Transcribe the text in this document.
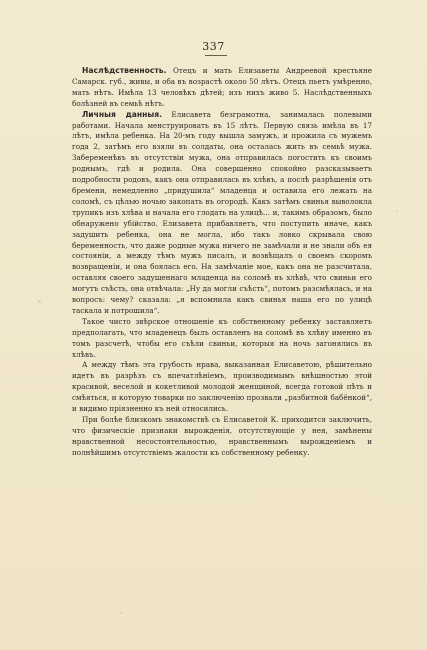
337

Наслѣдственность. Отецъ и мать Елизаветы Андреевой крестьяне Самарск. губ., живы, и оба въ возрастѣ около 50 лѣтъ. Отецъ пьетъ умѣренно, мать нѣтъ. Имѣла 13 человѣкъ дѣтей; изъ нихъ живо 5. Наслѣдственныхъ болѣзней въ семьѣ нѣтъ.

Личныя данныя. Елисавета безграмотна, занималась полевыми работами. Начала менструировать въ 15 лѣтъ. Первую связь имѣла въ 17 лѣтъ, имѣла ребенка. На 20-мъ году вышла замужъ, и прожила съ мужемъ года 2, затѣмъ его взяли въ солдаты, она осталась жить въ семьѣ мужа. Забеременѣвъ въ отсутствіи мужа, она отправилась погостить къ своимъ роднымъ, гдѣ и родила. Она совершенно спокойно разсказываетъ подробности родовъ, какъ она отправилась въ хлѣвъ, а послѣ разрѣшенія отъ бремени, немедленно „придушила“ младенца и оставила его лежать на соломѣ, съ цѣлью ночью закопать въ огородѣ. Какъ затѣмъ свинья выволокла трупикъ изъ хлѣва и начала его глодать на улицѣ… и, такимъ образомъ, было обнаружено убійство. Елизавета прибавляетъ, что поступить иначе, какъ задушить ребенка, она не могла, ибо такъ ловко скрывала свою беременность, что даже родные мужа ничего не замѣчали и не знали объ ея состояніи, а между тѣмъ мужъ писалъ, и возвѣщалъ о своемъ скоромъ возвращеніи, и она боялась его. На замѣчаніе мое, какъ она не разсчитала, оставляя своего задушеннаго младенца на соломѣ въ хлѣвѣ, что свиньи его могутъ съѣсть, она отвѣчала: „Ну да могли съѣсть“, потомъ разсмѣялась, и на вопросъ: чему? сказала: „я вспомнила какъ свинья наша его по улицѣ таскала и потрошила“.

Такое чисто звѣрское отношеніе къ собственному ребенку заставляетъ предполагать, что младенецъ былъ оставленъ на соломѣ въ хлѣву именно въ томъ разсчетѣ, чтобы его съѣли свиньи, которыя на ночь загонялись въ хлѣвъ.

А между тѣмъ эта грубость нрава, выказанная Елисаветою, рѣшительно идетъ въ разрѣзъ съ впечатлѣніемъ, производимымъ внѣшностью этой красивой, веселой и кокетливой молодой женщиной, всегда готовой пѣть и смѣяться, и которую товарки по заключенію прозвали „разбитной бабёнкой“, и видимо пріязненно къ ней относились.

При болѣе близкомъ знакомствѣ съ Елисаветой К. приходится заключить, что физическіе признаки вырожденія, отсутствующіе у нея, замѣнены нравственной несостоятельностью, нравственнымъ вырожденіемъ и полнѣйшимъ отсутствіемъ жалости къ собственному ребенку.
